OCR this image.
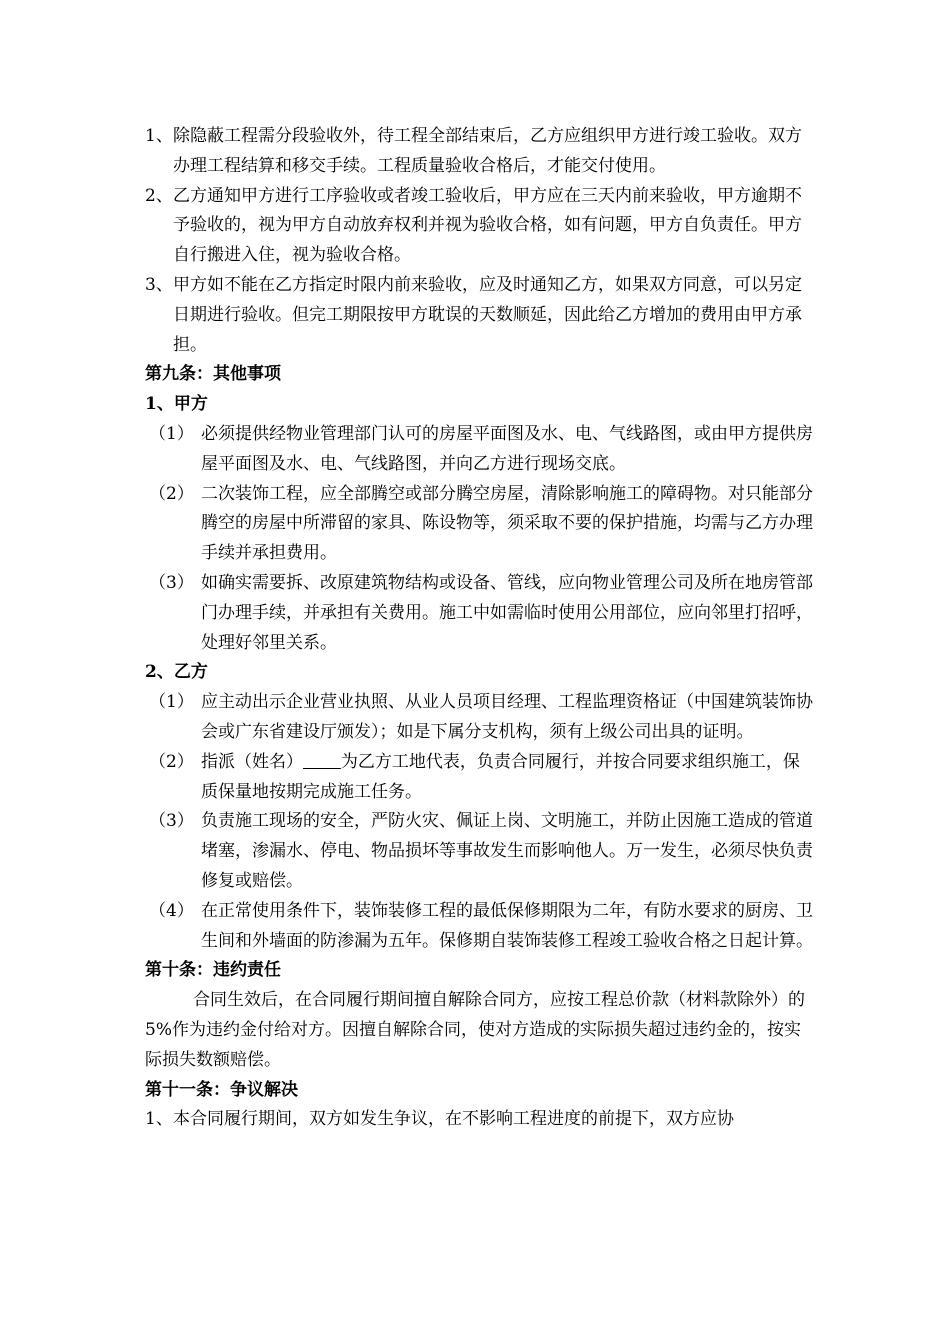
1、 除隐蔽工程需分段验收外，待工程全部结束后，乙方应组织甲方进行竣工验收。双方办理工程结算和移交手续。工程质量验收合格后，才能交付使用。
2、 乙方通知甲方进行工序验收或者竣工验收后，甲方应在三天内前来验收，甲方逾期不予验收的，视为甲方自动放弃权利并视为验收合格，如有问题，甲方自负责任。甲方自行搬进入住，视为验收合格。
3、 甲方如不能在乙方指定时限内前来验收，应及时通知乙方，如果双方同意，可以另定日期进行验收。但完工期限按甲方耽误的天数顺延，因此给乙方增加的费用由甲方承担。

第九条：其他事项

1、甲方

（1） 必须提供经物业管理部门认可的房屋平面图及水、电、气线路图，或由甲方提供房屋平面图及水、电、气线路图，并向乙方进行现场交底。
（2） 二次装饰工程，应全部腾空或部分腾空房屋，清除影响施工的障碍物。对只能部分腾空的房屋中所滞留的家具、陈设物等，须采取不要的保护措施，均需与乙方办理手续并承担费用。
（3） 如确实需要拆、改原建筑物结构或设备、管线，应向物业管理公司及所在地房管部门办理手续，并承担有关费用。施工中如需临时使用公用部位，应向邻里打招呼，处理好邻里关系。

2、乙方

（1） 应主动出示企业营业执照、从业人员项目经理、工程监理资格证（中国建筑装饰协会或广东省建设厅颁发）；如是下属分支机构，须有上级公司出具的证明。
（2） 指派（姓名） 为乙方工地代表，负责合同履行，并按合同要求组织施工，保质保量地按期完成施工任务。
（3） 负责施工现场的安全，严防火灾、佩证上岗、文明施工，并防止因施工造成的管道堵塞，渗漏水、停电、物品损坏等事故发生而影响他人。万一发生，必须尽快负责修复或赔偿。
（4） 在正常使用条件下，装饰装修工程的最低保修期限为二年，有防水要求的厨房、卫生间和外墙面的防渗漏为五年。保修期自装饰装修工程竣工验收合格之日起计算。

第十条：违约责任

合同生效后，在合同履行期间擅自解除合同方，应按工程总价款（材料款除外）的5%作为违约金付给对方。因擅自解除合同，使对方造成的实际损失超过违约金的，按实际损失数额赔偿。

第十一条：争议解决

1、 本合同履行期间，双方如发生争议，在不影响工程进度的前提下，双方应协
